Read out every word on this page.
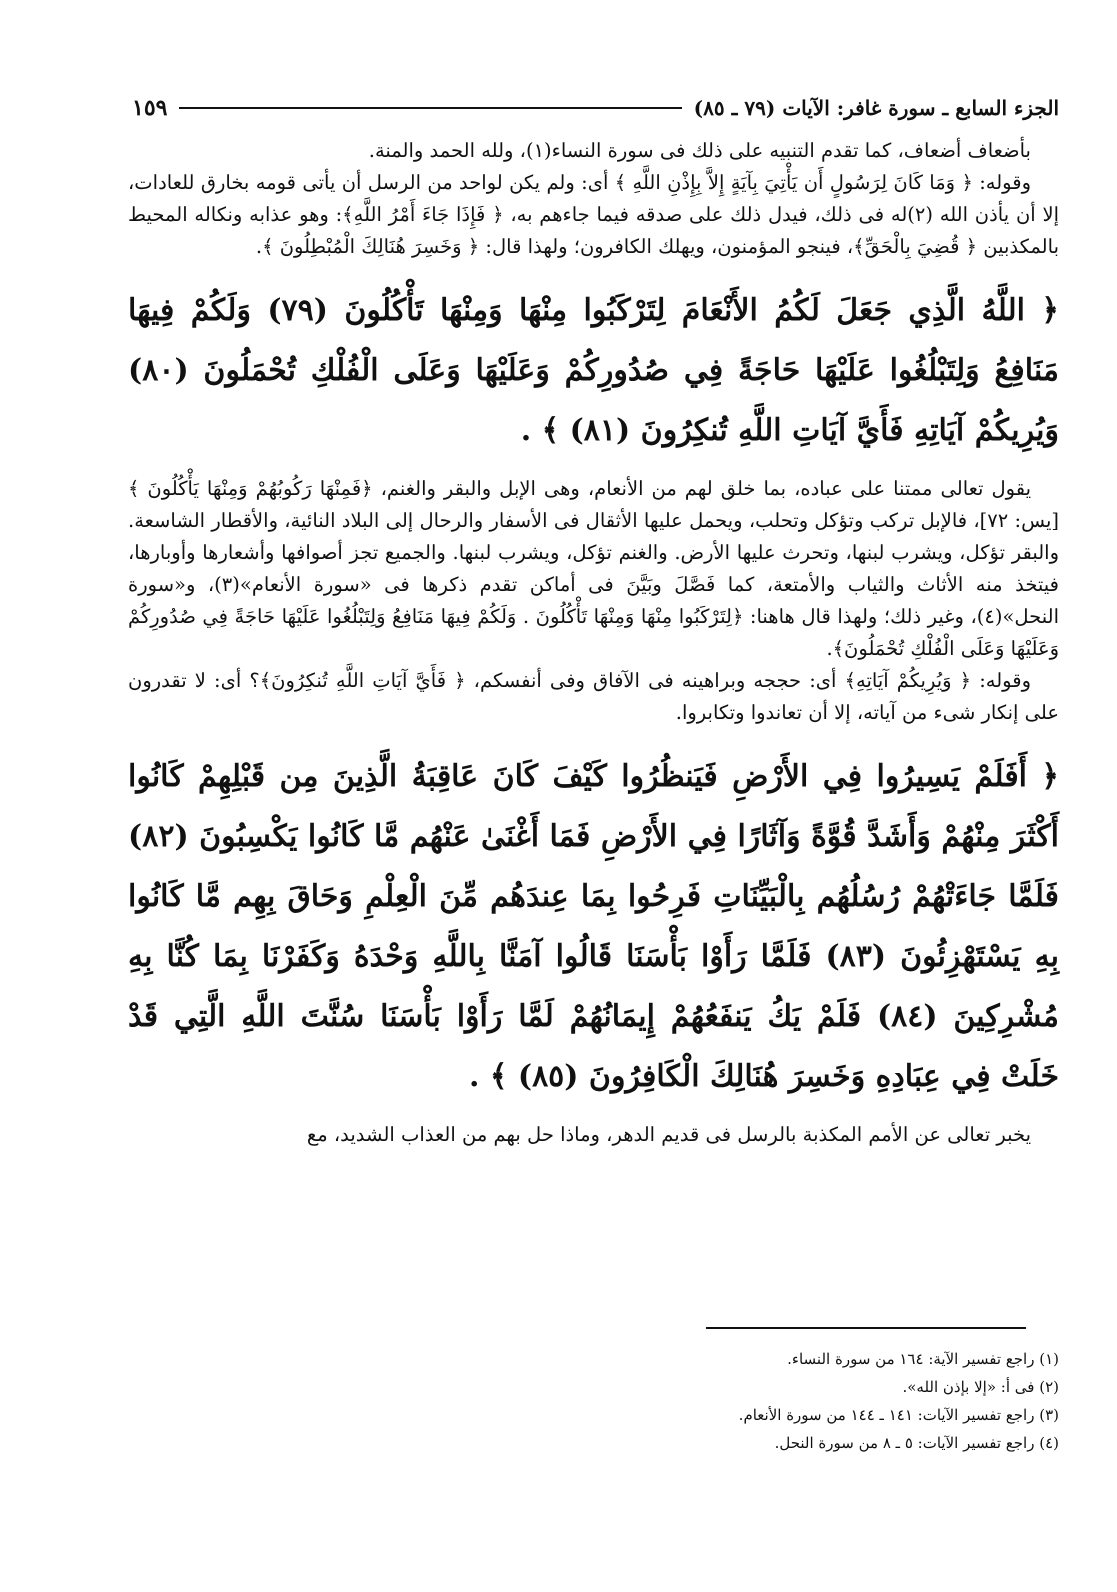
الجزء السابع ـ سورة غافر: الآيات (٧٩ ـ ٨٥)
١٥٩

بأضعاف أضعاف، كما تقدم التنبيه على ذلك فى سورة النساء(١)، ولله الحمد والمنة.

وقوله: ﴿ وَمَا كَانَ لِرَسُولٍ أَن يَأْتِيَ بِآيَةٍ إِلاَّ بِإِذْنِ اللَّهِ ﴾ أى: ولم يكن لواحد من الرسل أن يأتى قومه بخارق للعادات، إلا أن يأذن الله (٢)له فى ذلك، فيدل ذلك على صدقه فيما جاءهم به، ﴿ فَإِذَا جَاءَ أَمْرُ اللَّهِ﴾: وهو عذابه ونكاله المحيط بالمكذبين ﴿ قُضِيَ بِالْحَقِّ﴾، فينجو المؤمنون، ويهلك الكافرون؛ ولهذا قال: ﴿ وَخَسِرَ هُنَالِكَ الْمُبْطِلُونَ ﴾.

﴿ اللَّهُ الَّذِي جَعَلَ لَكُمُ الأَنْعَامَ لِتَرْكَبُوا مِنْهَا وَمِنْهَا تَأْكُلُونَ (٧٩) وَلَكُمْ فِيهَا مَنَافِعُ وَلِتَبْلُغُوا عَلَيْهَا حَاجَةً فِي صُدُورِكُمْ وَعَلَيْهَا وَعَلَى الْفُلْكِ تُحْمَلُونَ (٨٠) وَيُرِيكُمْ آيَاتِهِ فَأَيَّ آيَاتِ اللَّهِ تُنكِرُونَ (٨١) ﴾ .

يقول تعالى ممتنا على عباده، بما خلق لهم من الأنعام، وهى الإبل والبقر والغنم، ﴿فَمِنْهَا رَكُوبُهُمْ وَمِنْهَا يَأْكُلُونَ ﴾ [يس: ٧٢]، فالإبل تركب وتؤكل وتحلب، ويحمل عليها الأثقال فى الأسفار والرحال إلى البلاد النائية، والأقطار الشاسعة. والبقر تؤكل، ويشرب لبنها، وتحرث عليها الأرض. والغنم تؤكل، ويشرب لبنها. والجميع تجز أصوافها وأشعارها وأوبارها، فيتخذ منه الأثاث والثياب والأمتعة، كما فَصَّلَ وبَيَّنَ فى أماكن تقدم ذكرها فى «سورة الأنعام»(٣)، و«سورة النحل»(٤)، وغير ذلك؛ ولهذا قال هاهنا: ﴿لِتَرْكَبُوا مِنْهَا وَمِنْهَا تَأْكُلُونَ . وَلَكُمْ فِيهَا مَنَافِعُ وَلِتَبْلُغُوا عَلَيْهَا حَاجَةً فِي صُدُورِكُمْ وَعَلَيْهَا وَعَلَى الْفُلْكِ تُحْمَلُونَ﴾.

وقوله: ﴿ وَيُرِيكُمْ آيَاتِهِ﴾ أى: حججه وبراهينه فى الآفاق وفى أنفسكم، ﴿ فَأَيَّ آيَاتِ اللَّهِ تُنكِرُونَ﴾؟ أى: لا تقدرون على إنكار شىء من آياته، إلا أن تعاندوا وتكابروا.

﴿ أَفَلَمْ يَسِيرُوا فِي الأَرْضِ فَيَنظُرُوا كَيْفَ كَانَ عَاقِبَةُ الَّذِينَ مِن قَبْلِهِمْ كَانُوا أَكْثَرَ مِنْهُمْ وَأَشَدَّ قُوَّةً وَآثَارًا فِي الأَرْضِ فَمَا أَغْنَىٰ عَنْهُم مَّا كَانُوا يَكْسِبُونَ (٨٢) فَلَمَّا جَاءَتْهُمْ رُسُلُهُم بِالْبَيِّنَاتِ فَرِحُوا بِمَا عِندَهُم مِّنَ الْعِلْمِ وَحَاقَ بِهِم مَّا كَانُوا بِهِ يَسْتَهْزِئُونَ (٨٣) فَلَمَّا رَأَوْا بَأْسَنَا قَالُوا آمَنَّا بِاللَّهِ وَحْدَهُ وَكَفَرْنَا بِمَا كُنَّا بِهِ مُشْرِكِينَ (٨٤) فَلَمْ يَكُ يَنفَعُهُمْ إِيمَانُهُمْ لَمَّا رَأَوْا بَأْسَنَا سُنَّتَ اللَّهِ الَّتِي قَدْ خَلَتْ فِي عِبَادِهِ وَخَسِرَ هُنَالِكَ الْكَافِرُونَ (٨٥) ﴾ .

يخبر تعالى عن الأمم المكذبة بالرسل فى قديم الدهر، وماذا حل بهم من العذاب الشديد، مع

(١) راجع تفسير الآية: ١٦٤ من سورة النساء.

(٢) فى أ: «إلا بإذن الله».

(٣) راجع تفسير الآيات: ١٤١ ـ ١٤٤ من سورة الأنعام.

(٤) راجع تفسير الآيات: ٥ ـ ٨ من سورة النحل.
